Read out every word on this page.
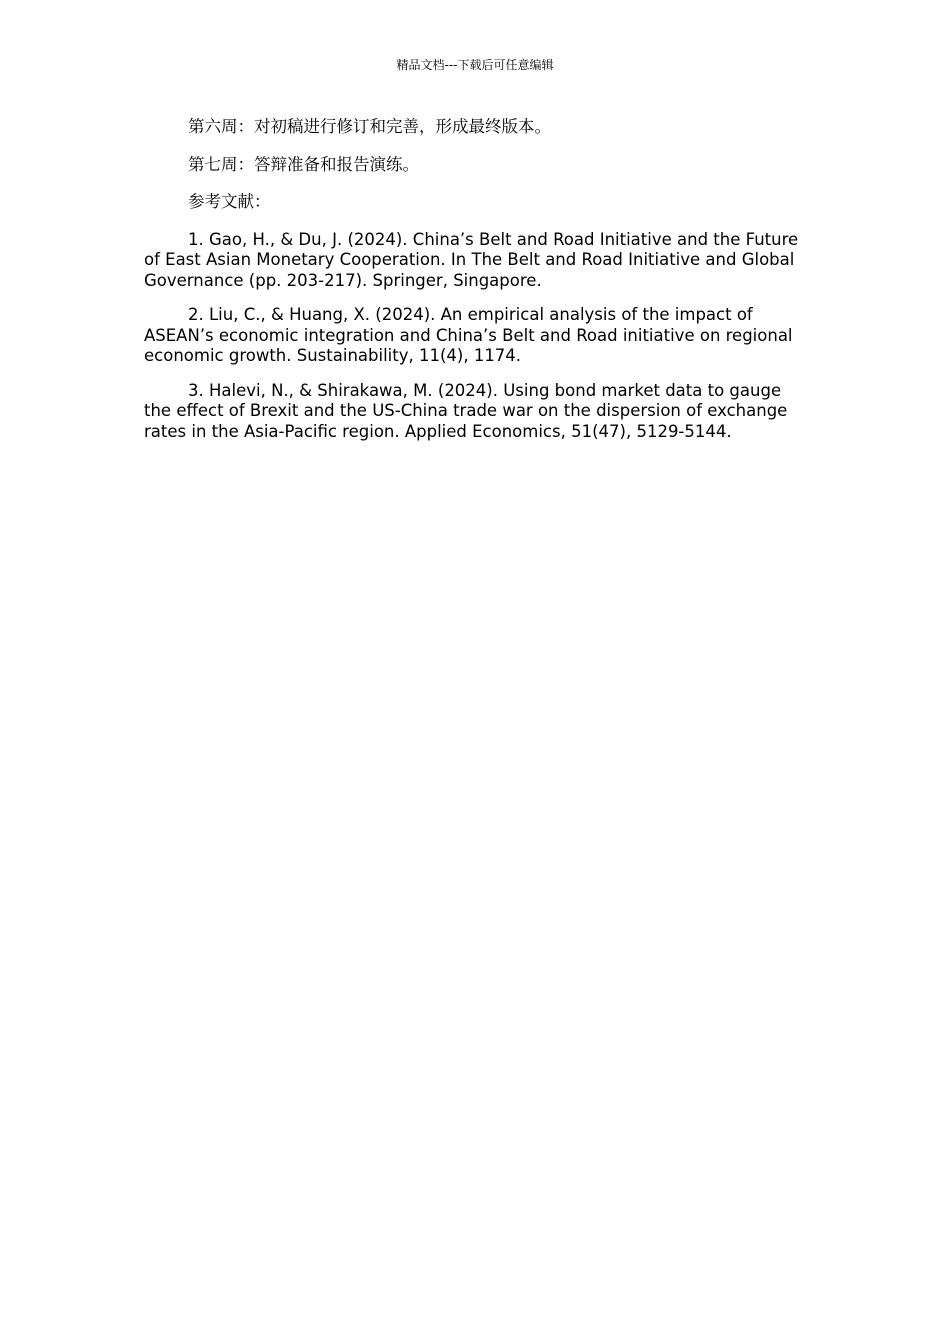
精品文档---下载后可任意编辑

第六周：对初稿进行修订和完善，形成最终版本。

第七周：答辩准备和报告演练。

参考文献：

1. Gao, H., & Du, J. (2024). China’s Belt and Road Initiative and the Future of East Asian Monetary Cooperation. In The Belt and Road Initiative and Global Governance (pp. 203-217). Springer, Singapore.

2. Liu, C., & Huang, X. (2024). An empirical analysis of the impact of ASEAN’s economic integration and China’s Belt and Road initiative on regional economic growth. Sustainability, 11(4), 1174.

3. Halevi, N., & Shirakawa, M. (2024). Using bond market data to gauge the effect of Brexit and the US-China trade war on the dispersion of exchange rates in the Asia-Pacific region. Applied Economics, 51(47), 5129-5144.
